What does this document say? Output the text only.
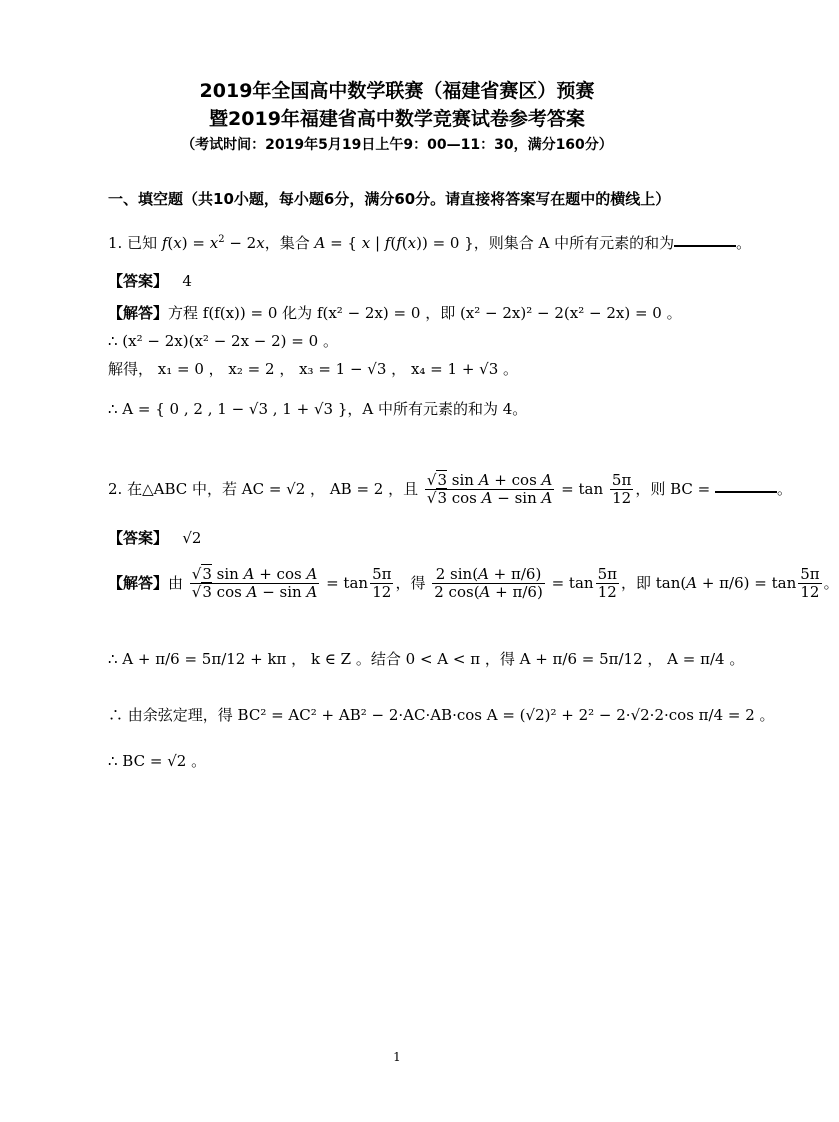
2019年全国高中数学联赛（福建省赛区）预赛
暨2019年福建省高中数学竞赛试卷参考答案
（考试时间：2019年5月19日上午9：00—11：30，满分160分）
一、填空题（共10小题，每小题6分，满分60分。请直接将答案写在题中的横线上）
1. 已知 $f(x) = x^2 - 2x$，集合 A = { x | f(f(x)) = 0 }，则集合 A 中所有元素的和为	。
【答案】 4
【解答】方程 f(f(x)) = 0 化为 f(x² − 2x) = 0 ，即 (x² − 2x)² − 2(x² − 2x) = 0 。
∴ (x² − 2x)(x² − 2x − 2) = 0 。
解得， x₁ = 0 ， x₂ = 2 ， x₃ = 1 − √3 ， x₄ = 1 + √3 。
∴ A = { 0 , 2 , 1 − √3 , 1 + √3 }，A 中所有元素的和为 4。
2. 在△ABC 中，若 AC = √2 ， AB = 2 ，且 $\frac{\text{√3 sin A + cos A}}{\text{√3 cos A − sin A}} = \tan \frac{5\pi}{12}$ ，则 BC =	。
【答案】 √2
【解答】由 $\frac{\text{√3 sin A + cos A}}{\text{√3 cos A − sin A}} = \tan \frac{5\pi}{12}$ ，得 $\frac{2 \sin(A + \pi/6)}{2 \cos(A + \pi/6)} = \tan \frac{5\pi}{12}$ ，即 $\tan(A + \pi/6) = \tan \frac{5\pi}{12}$ 。
∴ A + π/6 = 5π/12 + kπ ， k ∈ Z 。结合 0 < A < π ，得 A + π/6 = 5π/12 ， A = π/4 。
∴ 由余弦定理，得 BC² = AC² + AB² − 2·AC·AB·cos A = (√2)² + 2² − 2·√2·2·cos π/4 = 2 。
∴ BC = √2 。
1
